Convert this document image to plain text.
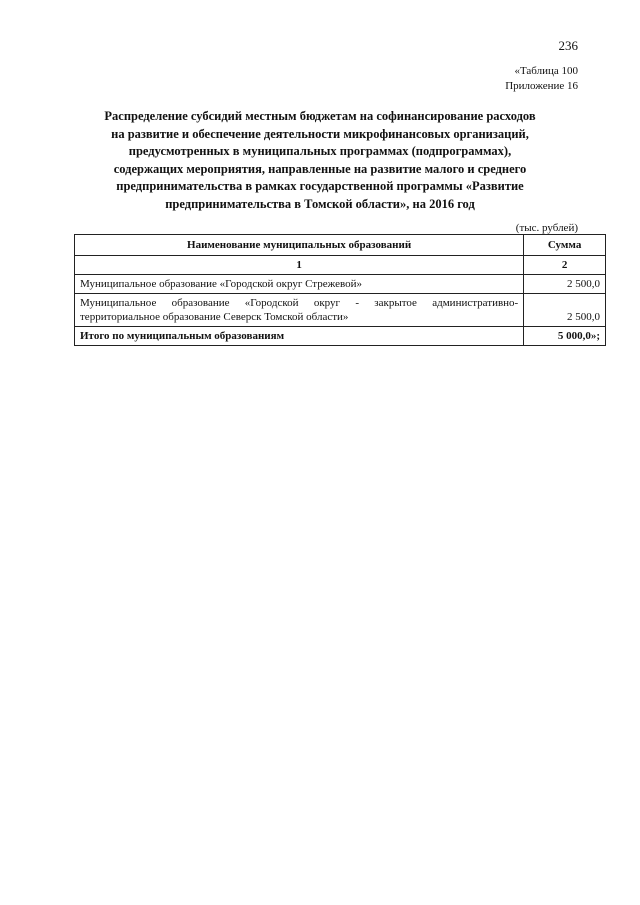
236
«Таблица 100
Приложение 16
Распределение субсидий местным бюджетам на софинансирование расходов
на развитие и обеспечение деятельности микрофинансовых организаций,
предусмотренных в муниципальных программах (подпрограммах),
содержащих мероприятия, направленные на развитие малого и среднего
предпринимательства в рамках государственной программы «Развитие
предпринимательства в Томской области», на 2016 год
(тыс. рублей)
Наименование муниципальных образований	Сумма
1	2
Муниципальное образование «Городской округ Стрежевой»	2 500,0
Муниципальное образование «Городской округ - закрытое административно-территориальное образование Северск Томской области»	2 500,0
Итого по муниципальным образованиям	5 000,0»;
